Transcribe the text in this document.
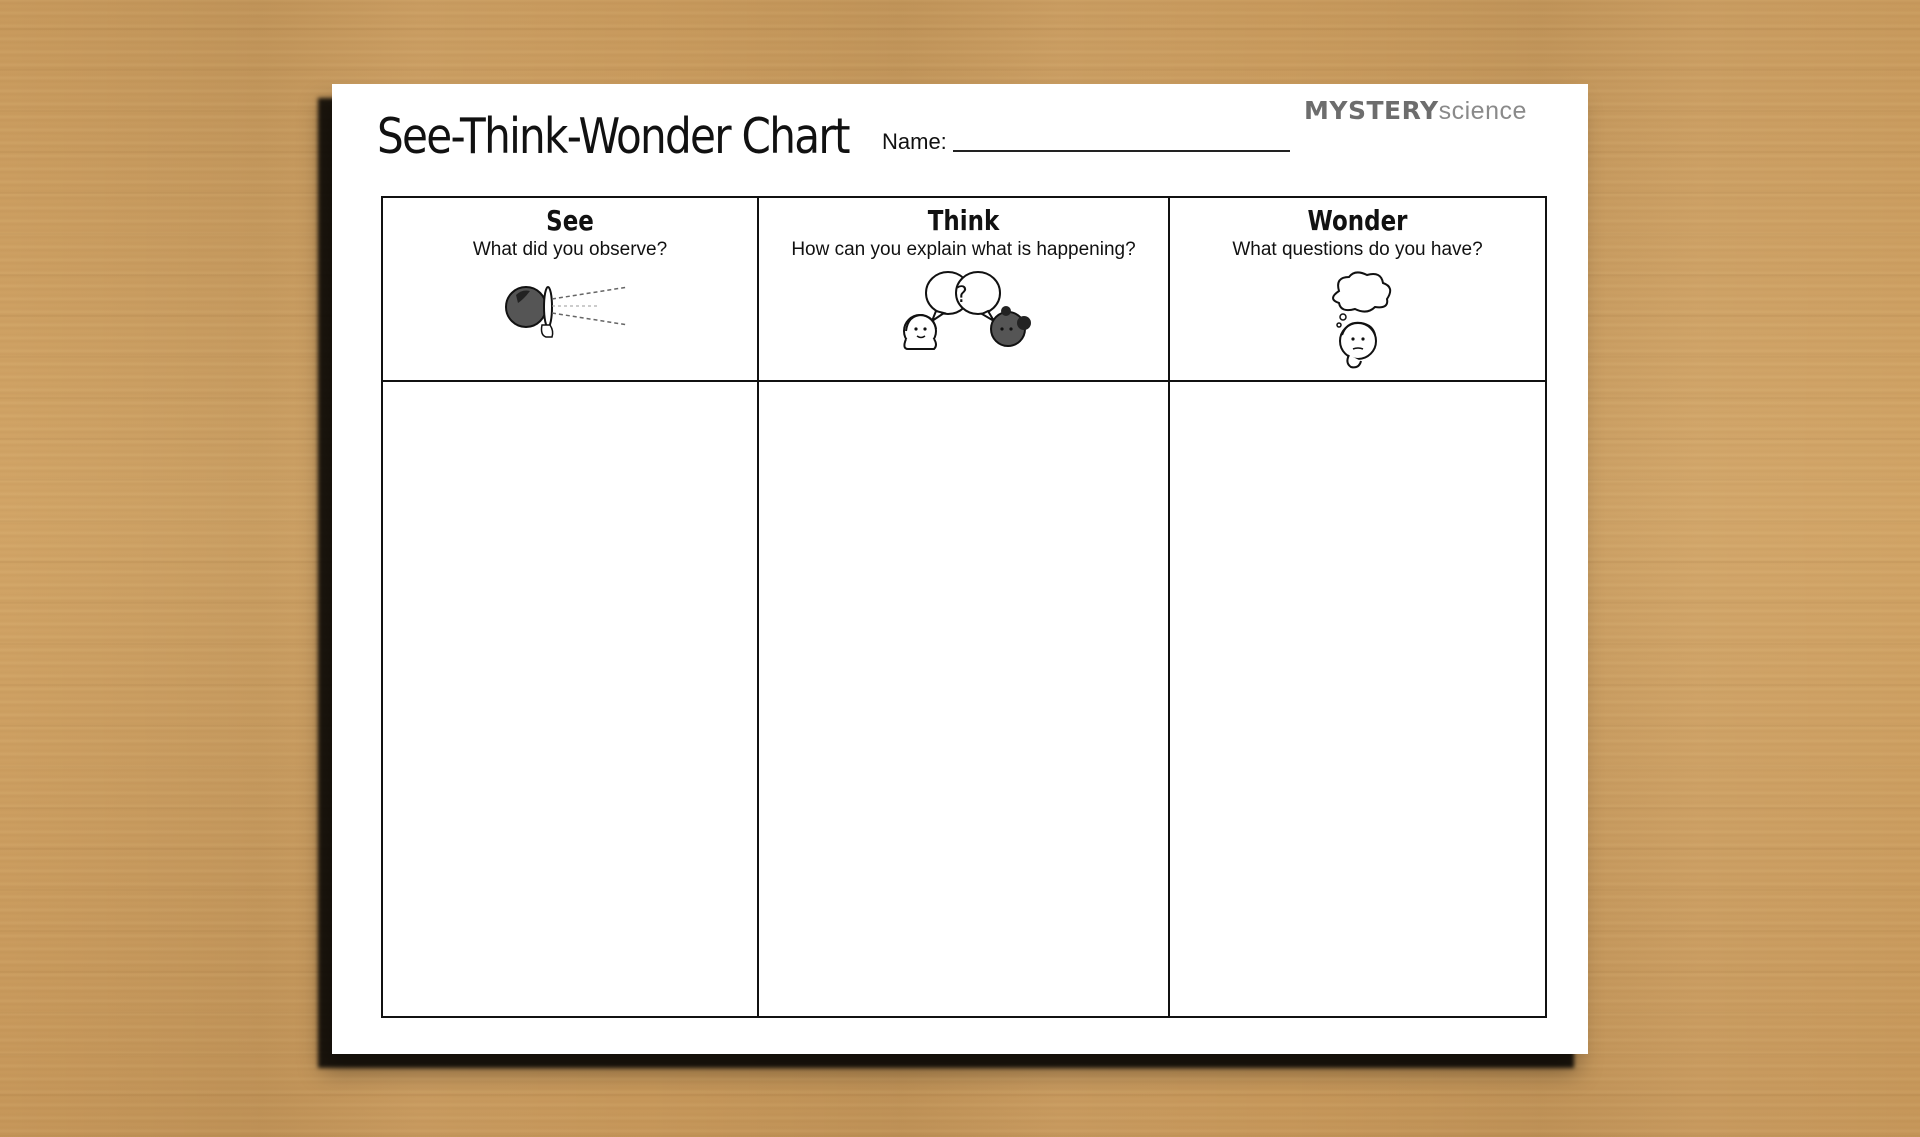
See-Think-Wonder Chart Name:
MYSTERYscience
See
What did you observe?
Think
How can you explain what is happening?
?
Wonder
What questions do you have?
